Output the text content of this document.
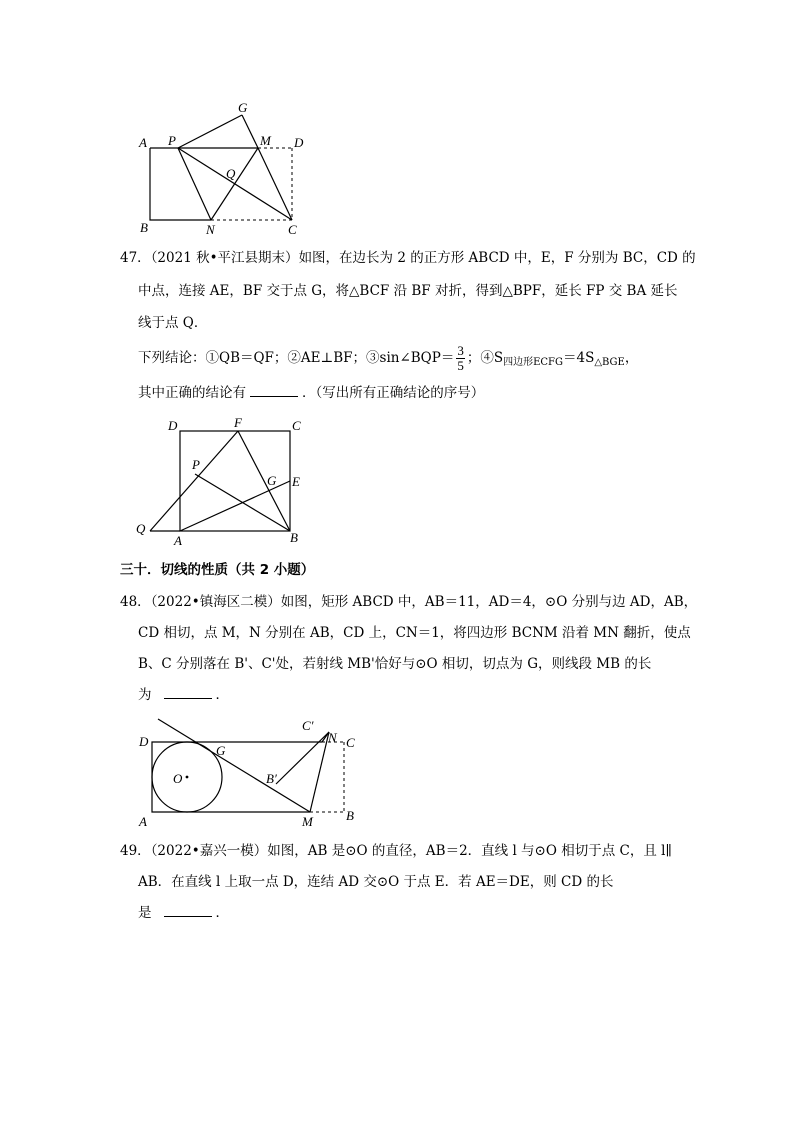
G
A P	M D
Q
B	N	C
47．（2021 秋•平江县期末）如图，在边长为 2 的正方形 ABCD 中，E，F 分别为 BC，CD 的
中点，连接 AE，BF 交于点 G，将△BCF 沿 BF 对折，得到△BPF，延长 FP 交 BA 延长
线于点 Q．
下列结论：①QB＝QF；②AE⊥BF；③sin∠BQP＝ $\frac{3}{5}$ ；$④S_{四边形ECFG}=4S_{\triangle BGE}$，
其中正确的结论有	．（写出所有正确结论的序号）
D	F	C
P
G E
Q
A	B
三十．切线的性质（共 2 小题）
48．（2022•镇海区二模）如图，矩形 ABCD 中，AB＝11，AD＝4，⊙O 分别与边 AD，AB，
CD 相切，点 M，N 分别在 AB，CD 上，CN＝1，将四边形 BCNM 沿着 MN 翻折，使点
B、C 分别落在 B'、C'处，若射线 MB'恰好与⊙O 相切，切点为 G，则线段 MB 的长
为	．
C′
N C
D
G
O	B′
A	M	B
49．（2022•嘉兴一模）如图，AB 是⊙O 的直径，AB＝2．直线 l 与⊙O 相切于点 C，且 l∥
AB．在直线 l 上取一点 D，连结 AD 交⊙O 于点 E．若 AE＝DE，则 CD 的长
是	．
